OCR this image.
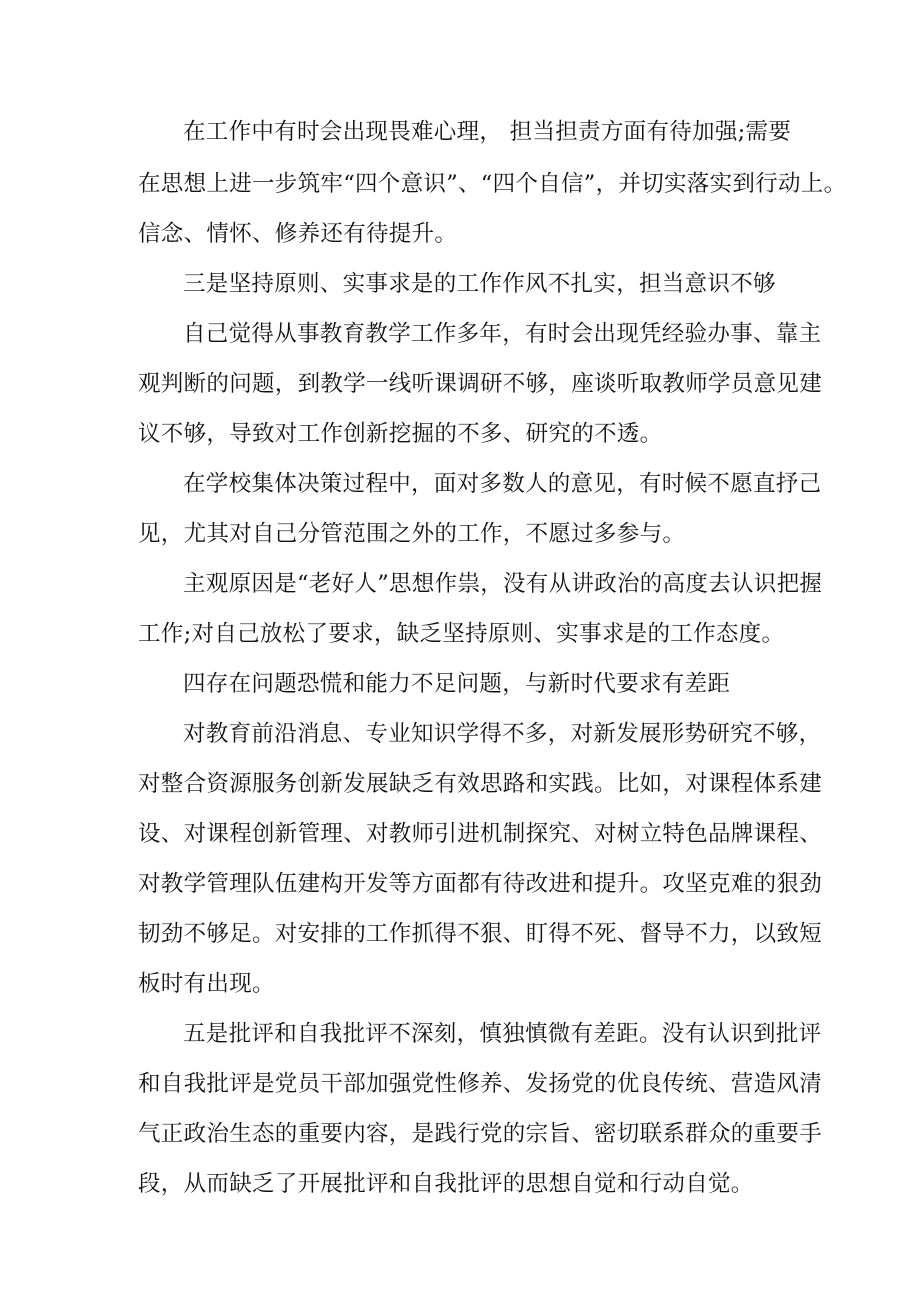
在工作中有时会出现畏难心理， 担当担责方面有待加强;需要

在思想上进一步筑牢“四个意识”、“四个自信”，并切实落实到行动上。

信念、情怀、修养还有待提升。

三是坚持原则、实事求是的工作作风不扎实，担当意识不够

自己觉得从事教育教学工作多年，有时会出现凭经验办事、靠主

观判断的问题，到教学一线听课调研不够，座谈听取教师学员意见建

议不够，导致对工作创新挖掘的不多、研究的不透。

在学校集体决策过程中，面对多数人的意见，有时候不愿直抒己

见，尤其对自己分管范围之外的工作，不愿过多参与。

主观原因是“老好人”思想作祟，没有从讲政治的高度去认识把握

工作;对自己放松了要求，缺乏坚持原则、实事求是的工作态度。

四存在问题恐慌和能力不足问题，与新时代要求有差距

对教育前沿消息、专业知识学得不多，对新发展形势研究不够，

对整合资源服务创新发展缺乏有效思路和实践。比如，对课程体系建

设、对课程创新管理、对教师引进机制探究、对树立特色品牌课程、

对教学管理队伍建构开发等方面都有待改进和提升。攻坚克难的狠劲

韧劲不够足。对安排的工作抓得不狠、盯得不死、督导不力，以致短

板时有出现。

五是批评和自我批评不深刻，慎独慎微有差距。没有认识到批评

和自我批评是党员干部加强党性修养、发扬党的优良传统、营造风清

气正政治生态的重要内容，是践行党的宗旨、密切联系群众的重要手

段，从而缺乏了开展批评和自我批评的思想自觉和行动自觉。
